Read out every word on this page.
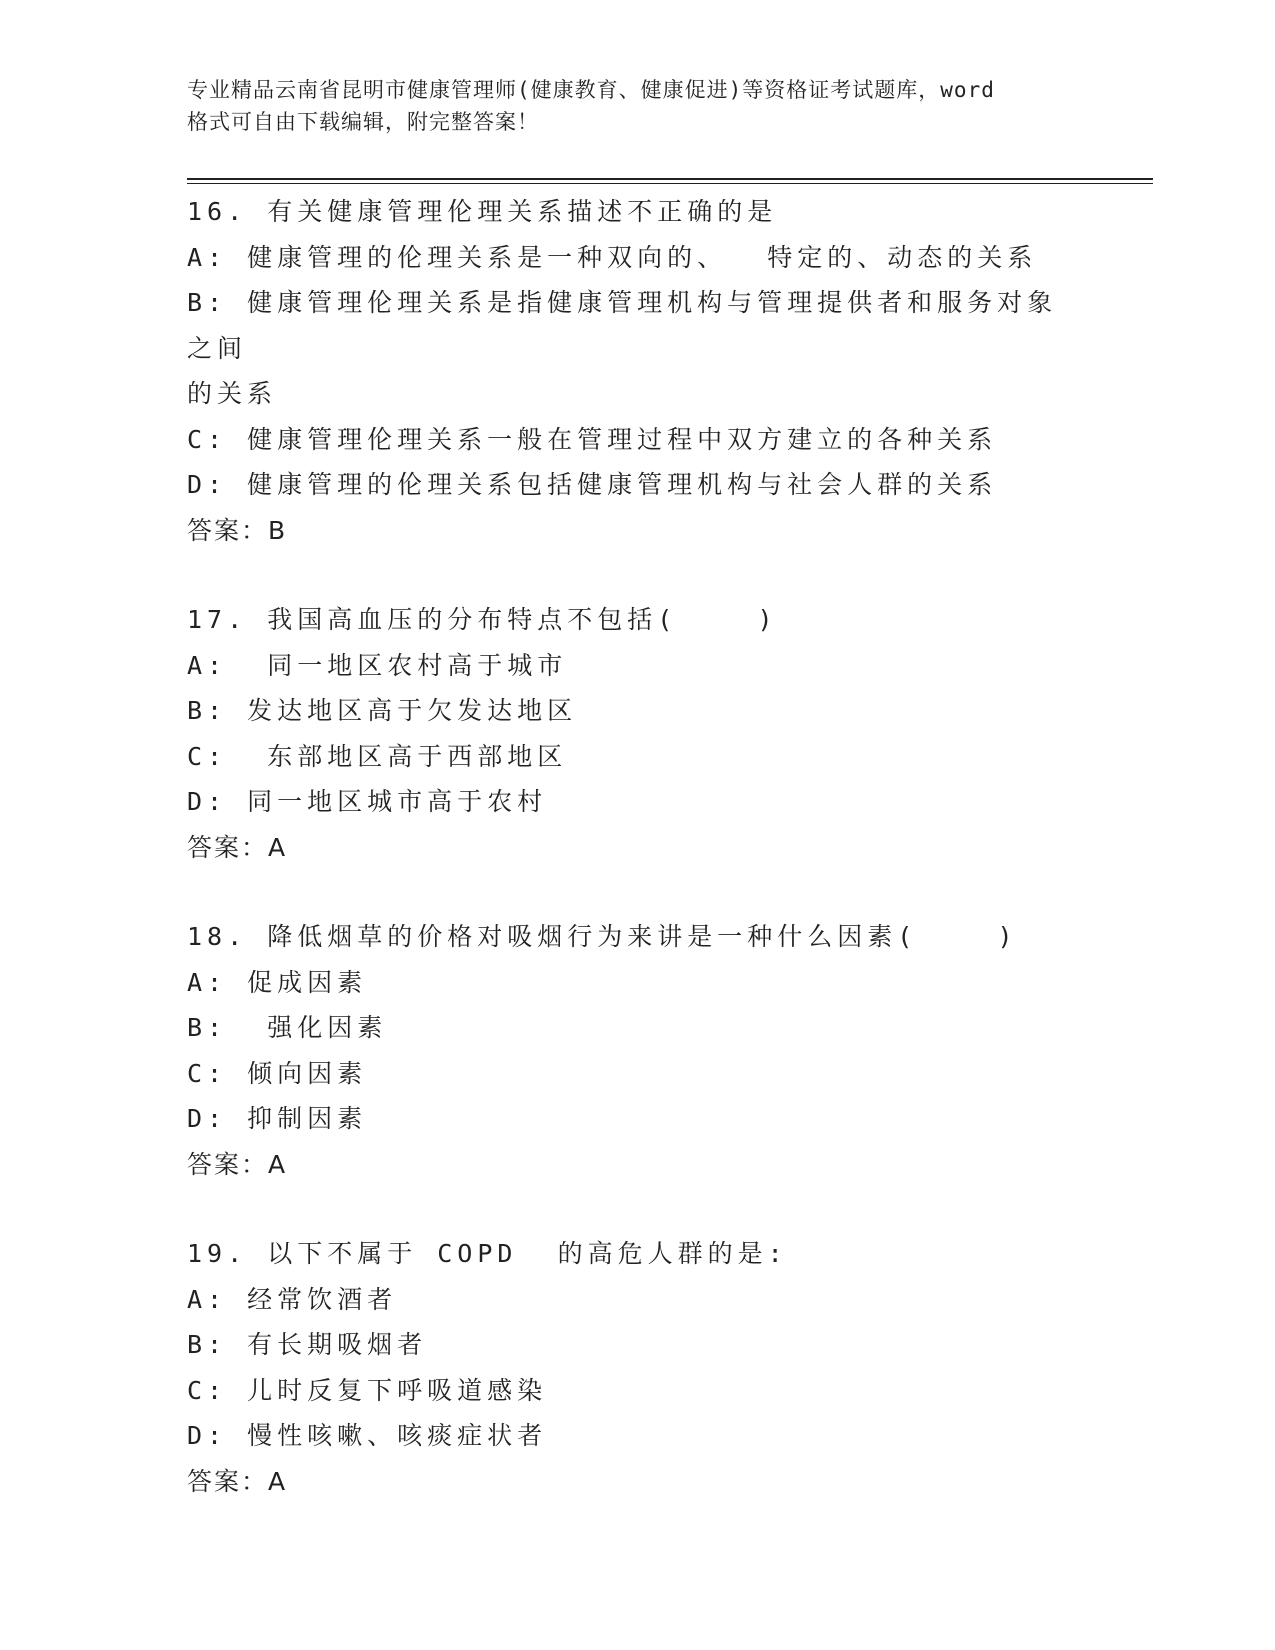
专业精品云南省昆明市健康管理师(健康教育、健康促进)等资格证考试题库，word
格式可自由下载编辑，附完整答案！
16. 有关健康管理伦理关系描述不正确的是
A: 健康管理的伦理关系是一种双向的、  特定的、动态的关系
B: 健康管理伦理关系是指健康管理机构与管理提供者和服务对象之间
的关系
C: 健康管理伦理关系一般在管理过程中双方建立的各种关系
D: 健康管理的伦理关系包括健康管理机构与社会人群的关系
答案：B
17. 我国高血压的分布特点不包括(    )
A:  同一地区农村高于城市
B: 发达地区高于欠发达地区
C:  东部地区高于西部地区
D: 同一地区城市高于农村
答案：A
18. 降低烟草的价格对吸烟行为来讲是一种什么因素(    )
A: 促成因素
B:  强化因素
C: 倾向因素
D: 抑制因素
答案：A
19. 以下不属于 COPD  的高危人群的是:
A: 经常饮酒者
B: 有长期吸烟者
C: 儿时反复下呼吸道感染
D: 慢性咳嗽、咳痰症状者
答案：A
